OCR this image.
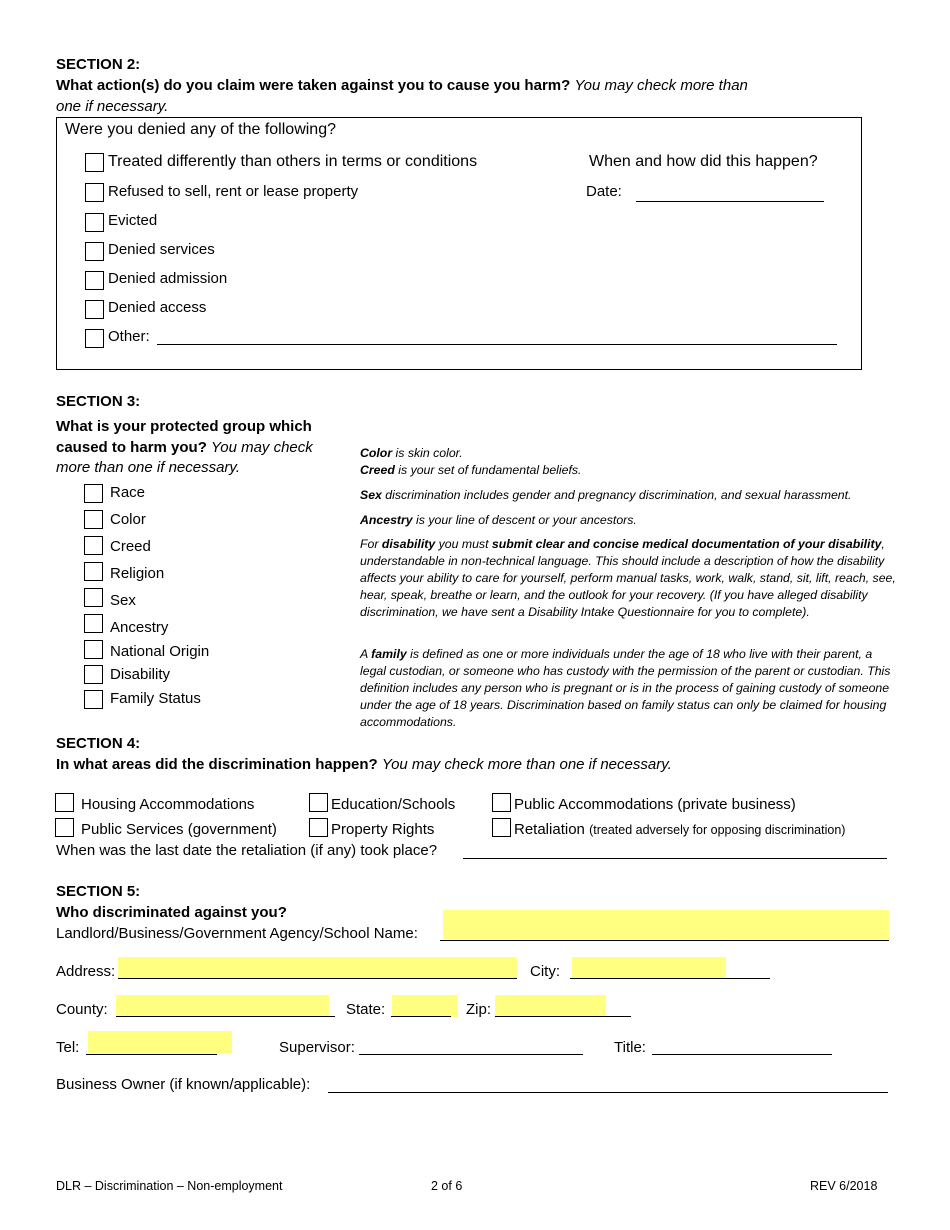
SECTION 2:
What action(s) do you claim were taken against you to cause you harm? You may check more than
one if necessary.
Were you denied any of the following?
Treated differently than others in terms or conditions
Refused to sell, rent or lease property
Evicted
Denied services
Denied admission
Denied access
Other:
When and how did this happen?
Date:
SECTION 3:
What is your protected group which
caused to harm you? You may check
more than one if necessary.
Race
Color
Creed
Religion
Sex
Ancestry
National Origin
Disability
Family Status
Color is skin color.
Creed is your set of fundamental beliefs.
Sex discrimination includes gender and pregnancy discrimination, and sexual harassment.
Ancestry is your line of descent or your ancestors.
For disability you must submit clear and concise medical documentation of your disability, understandable in non-technical language. This should include a description of how the disability affects your ability to care for yourself, perform manual tasks, work, walk, stand, sit, lift, reach, see, hear, speak, breathe or learn, and the outlook for your recovery. (If you have alleged disability discrimination, we have sent a Disability Intake Questionnaire for you to complete).
A family is defined as one or more individuals under the age of 18 who live with their parent, a legal custodian, or someone who has custody with the permission of the parent or custodian. This definition includes any person who is pregnant or is in the process of gaining custody of someone under the age of 18 years. Discrimination based on family status can only be claimed for housing accommodations.
SECTION 4:
In what areas did the discrimination happen? You may check more than one if necessary.
Housing Accommodations	Education/Schools	Public Accommodations (private business)
Public Services (government)	Property Rights	Retaliation (treated adversely for opposing discrimination)
When was the last date the retaliation (if any) took place?
SECTION 5:
Who discriminated against you?
Landlord/Business/Government Agency/School Name:
Address:	City:
County:	State:	Zip:
Tel:	Supervisor:	Title:
Business Owner (if known/applicable):
DLR – Discrimination – Non-employment	2 of 6	REV 6/2018
